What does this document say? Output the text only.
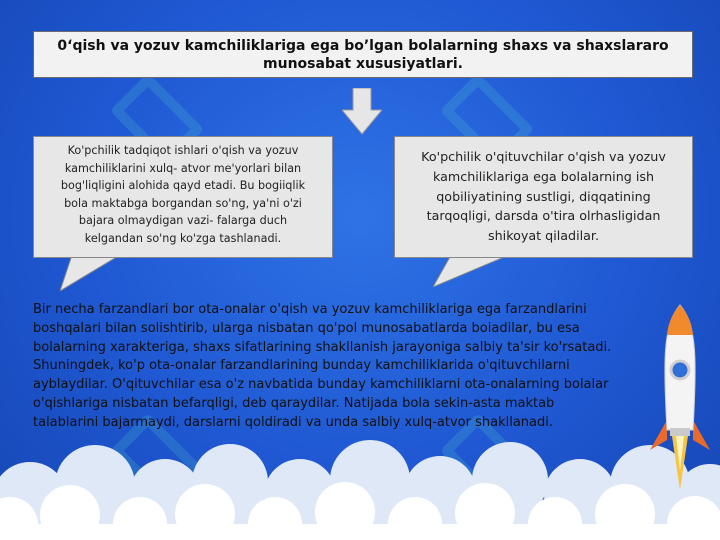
0‘qish va yozuv kamchiliklariga ega bo’lgan bolalarning shaxs va shaxslararo
munosabat xususiyatlari.
Ko'pchilik tadqiqot ishlari o'qish va yozuv
kamchiliklarini xulq- atvor me'yorlari bilan
bog'liqligini alohida qayd etadi. Bu bogiiqlik
bola maktabga borgandan so'ng, ya'ni o'zi
bajara olmaydigan vazi- falarga duch
kelgandan so'ng ko'zga tashlanadi.
Ko'pchilik o'qituvchilar o'qish va yozuv
kamchiliklariga ega bolalarning ish
qobiliyatining sustligi, diqqatining
tarqoqligi, darsda o'tira olrhasligidan
shikoyat qiladilar.
Bir necha farzandlari bor ota-onalar o'qish va yozuv kamchiliklariga ega farzandlarini
boshqalari bilan solishtirib, ularga nisbatan qo'pol munosabatlarda boiadilar, bu esa
bolalarning xarakteriga, shaxs sifatlarining shakllanish jarayoniga salbiy ta'sir ko'rsatadi.
Shuningdek, ko'p ota-onalar farzandlarining bunday kamchiliklarida o'qituvchilarni
ayblaydilar. O'qituvchilar esa o'z navbatida bunday kamchiliklarni ota-onalarning bolalar
o'qishlariga nisbatan befarqligi, deb qaraydilar. Natijada bola sekin-asta maktab
talablarini bajarmaydi, darslarni qoldiradi va unda salbiy xulq-atvor shakllanadi.
